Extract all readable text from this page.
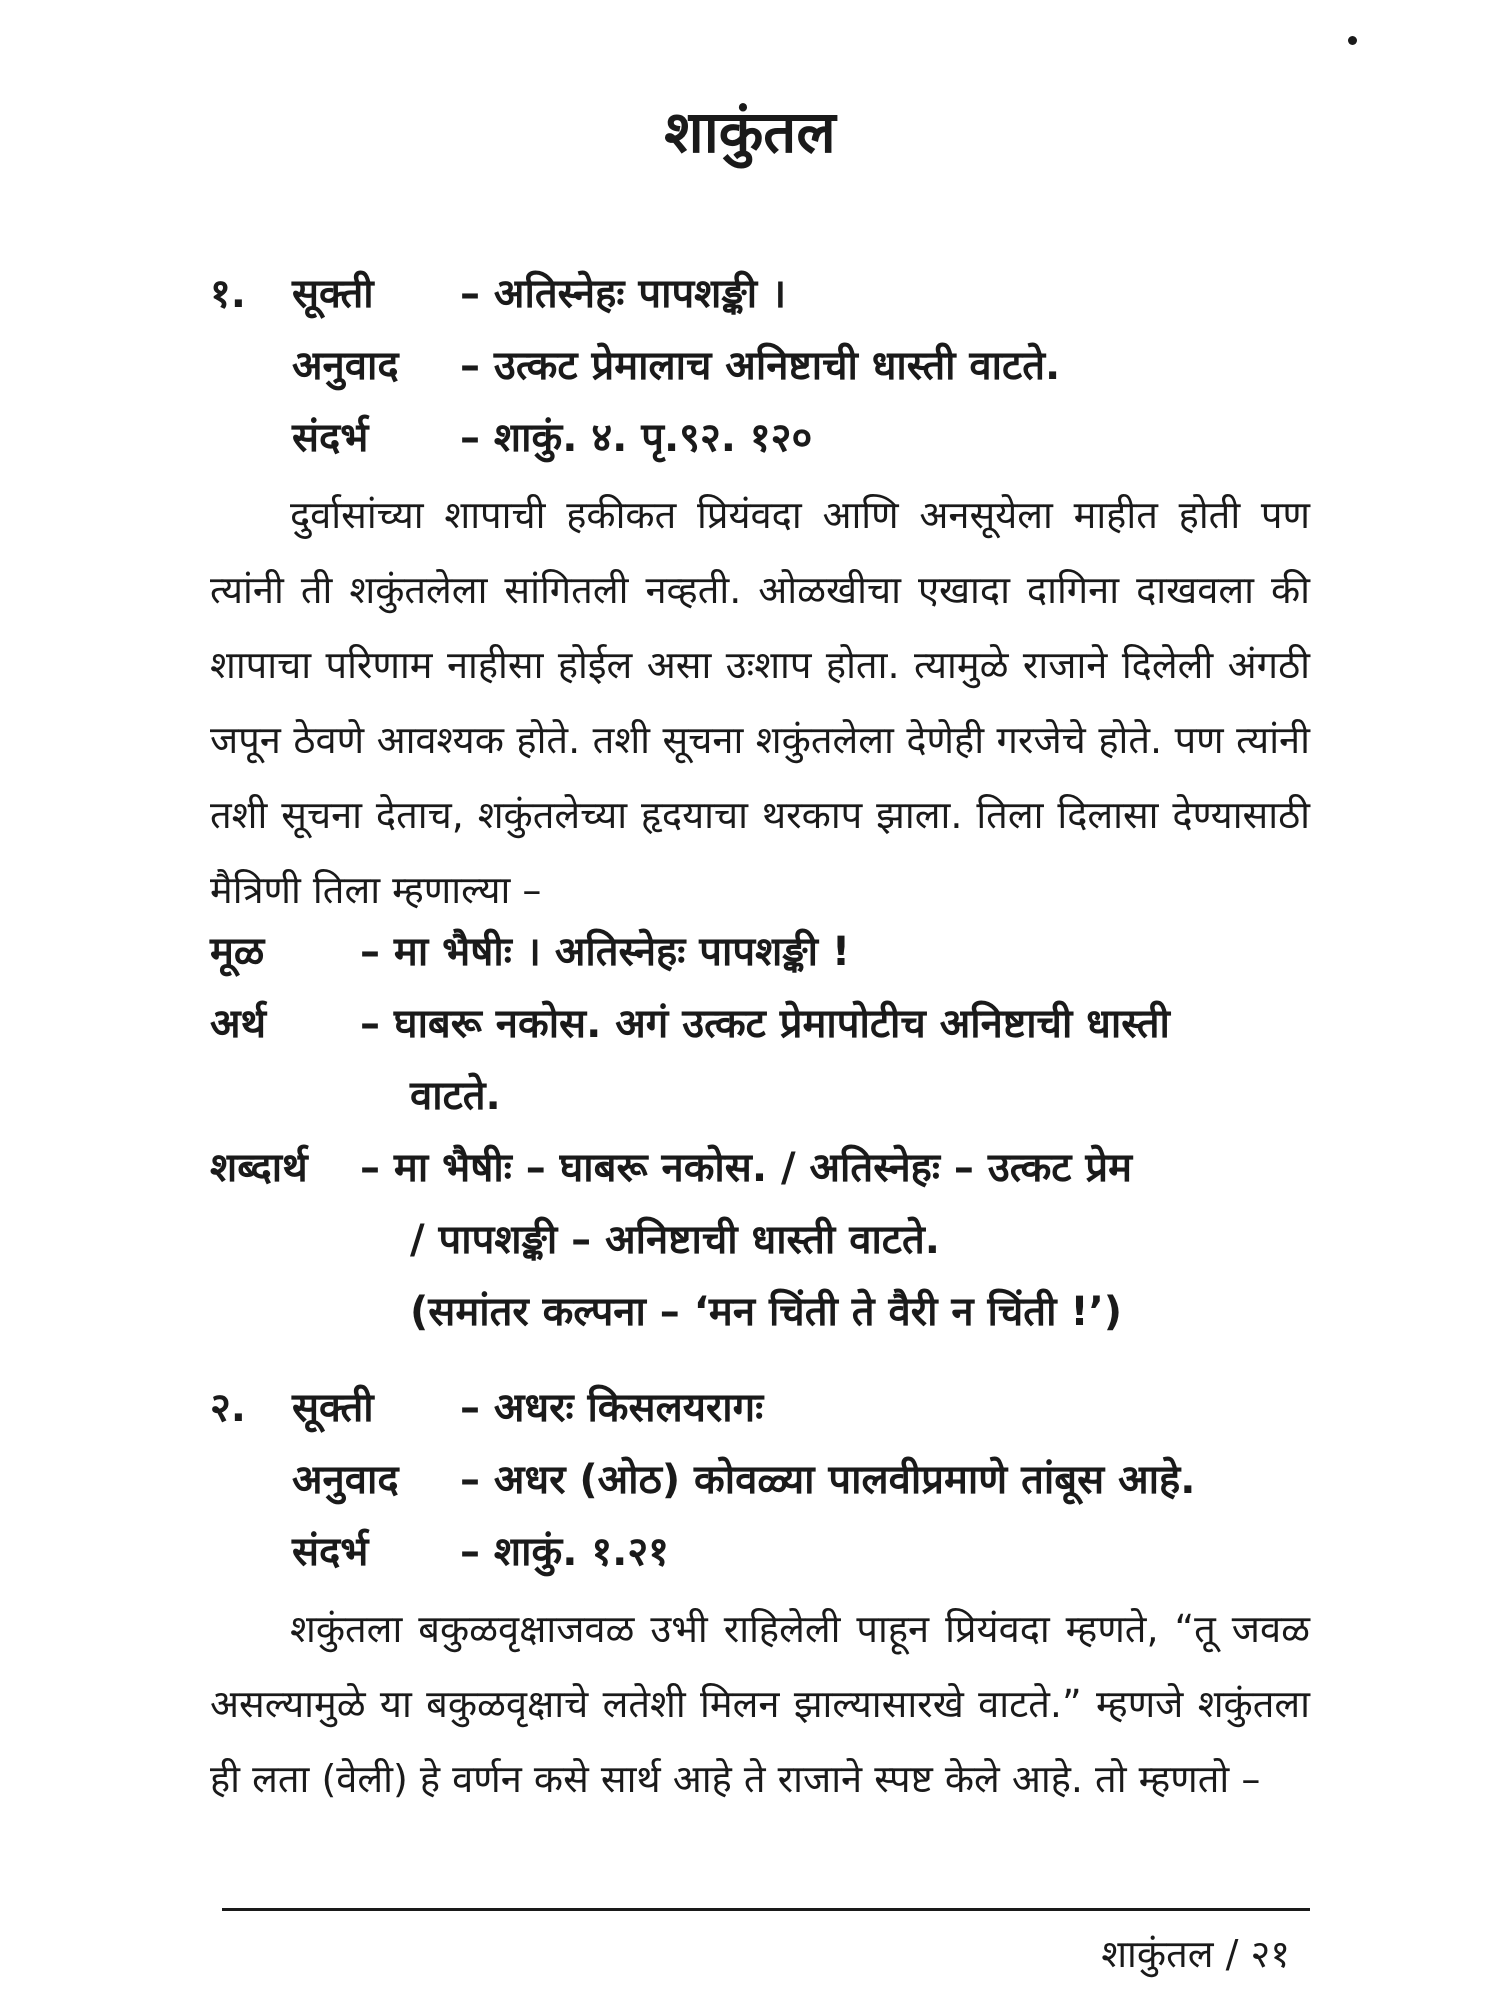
शाकुंतल
१. सूक्ती – अतिस्नेहः पापशङ्की ।
अनुवाद – उत्कट प्रेमालाच अनिष्टाची धास्ती वाटते.
संदर्भ – शाकुं. ४. पृ.९२. १२०
दुर्वासांच्या शापाची हकीकत प्रियंवदा आणि अनसूयेला माहीत होती पण त्यांनी ती शकुंतलेला सांगितली नव्हती. ओळखीचा एखादा दागिना दाखवला की शापाचा परिणाम नाहीसा होईल असा उःशाप होता. त्यामुळे राजाने दिलेली अंगठी जपून ठेवणे आवश्यक होते. तशी सूचना शकुंतलेला देणेही गरजेचे होते. पण त्यांनी तशी सूचना देताच, शकुंतलेच्या हृदयाचा थरकाप झाला. तिला दिलासा देण्यासाठी मैत्रिणी तिला म्हणाल्या –
मूळ – मा भैषीः । अतिस्नेहः पापशङ्की !
अर्थ – घाबरू नकोस. अगं उत्कट प्रेमापोटीच अनिष्टाची धास्ती
वाटते.
शब्दार्थ – मा भैषीः – घाबरू नकोस. / अतिस्नेहः – उत्कट प्रेम
/ पापशङ्की – अनिष्टाची धास्ती वाटते.
(समांतर कल्पना – ‘मन चिंती ते वैरी न चिंती !’)
२. सूक्ती – अधरः किसलयरागः
अनुवाद – अधर (ओठ) कोवळ्या पालवीप्रमाणे तांबूस आहे.
संदर्भ – शाकुं. १.२१
शकुंतला बकुळवृक्षाजवळ उभी राहिलेली पाहून प्रियंवदा म्हणते, “तू जवळ असल्यामुळे या बकुळवृक्षाचे लतेशी मिलन झाल्यासारखे वाटते.” म्हणजे शकुंतला ही लता (वेली) हे वर्णन कसे सार्थ आहे ते राजाने स्पष्ट केले आहे. तो म्हणतो –
शाकुंतल / २१
